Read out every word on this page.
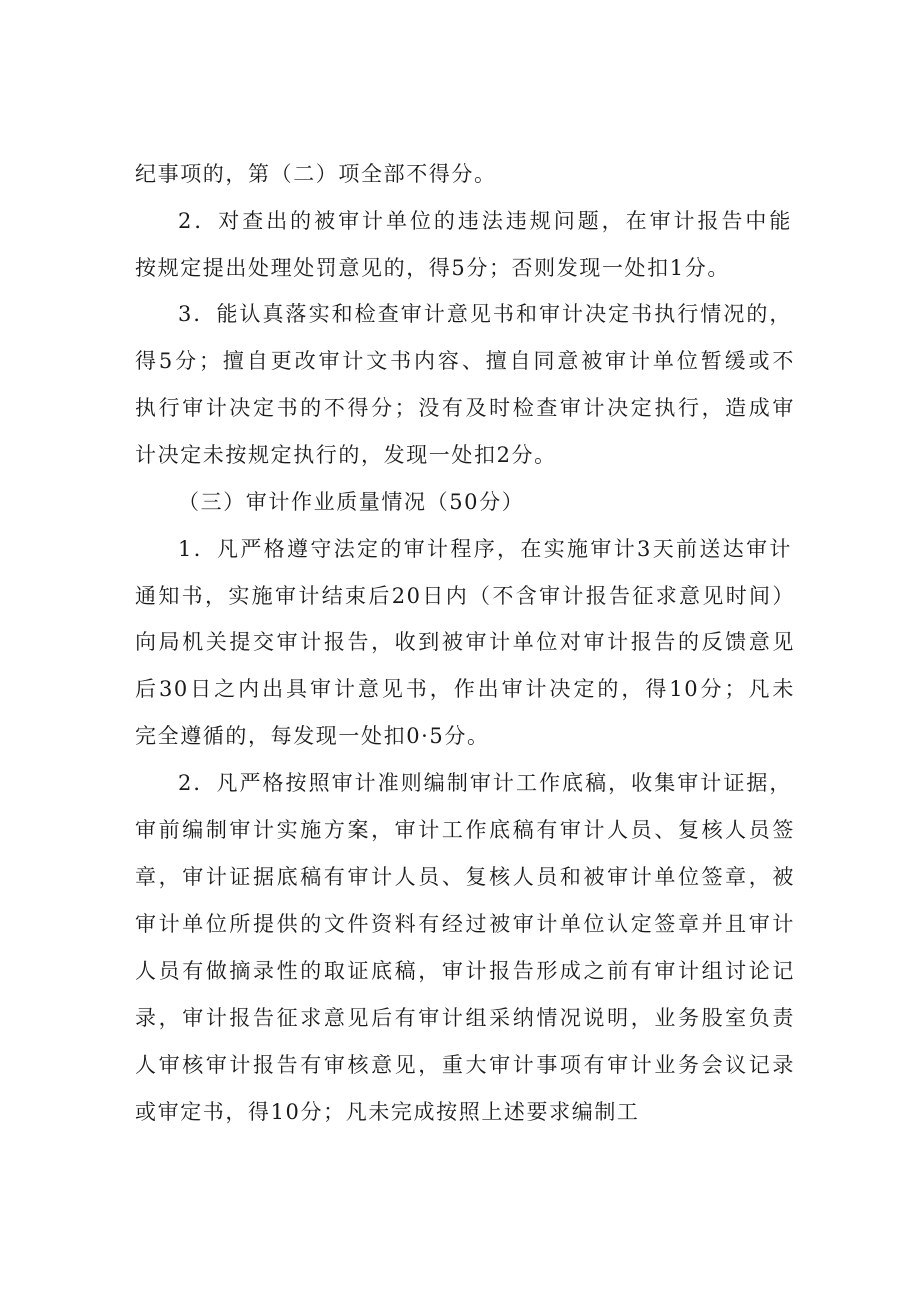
纪事项的，第（二）项全部不得分。

2．对查出的被审计单位的违法违规问题，在审计报告中能

按规定提出处理处罚意见的，得5分；否则发现一处扣1分。

3．能认真落实和检查审计意见书和审计决定书执行情况的，

得5分；擅自更改审计文书内容、擅自同意被审计单位暂缓或不

执行审计决定书的不得分；没有及时检查审计决定执行，造成审

计决定未按规定执行的，发现一处扣2分。

（三）审计作业质量情况（50分）

1．凡严格遵守法定的审计程序，在实施审计3天前送达审计

通知书，实施审计结束后20日内（不含审计报告征求意见时间）

向局机关提交审计报告，收到被审计单位对审计报告的反馈意见

后30日之内出具审计意见书，作出审计决定的，得10分；凡未

完全遵循的，每发现一处扣0·5分。

2．凡严格按照审计准则编制审计工作底稿，收集审计证据，

审前编制审计实施方案，审计工作底稿有审计人员、复核人员签

章，审计证据底稿有审计人员、复核人员和被审计单位签章，被

审计单位所提供的文件资料有经过被审计单位认定签章并且审计

人员有做摘录性的取证底稿，审计报告形成之前有审计组讨论记

录，审计报告征求意见后有审计组采纳情况说明，业务股室负责

人审核审计报告有审核意见，重大审计事项有审计业务会议记录

或审定书，得10分；凡未完成按照上述要求编制工
